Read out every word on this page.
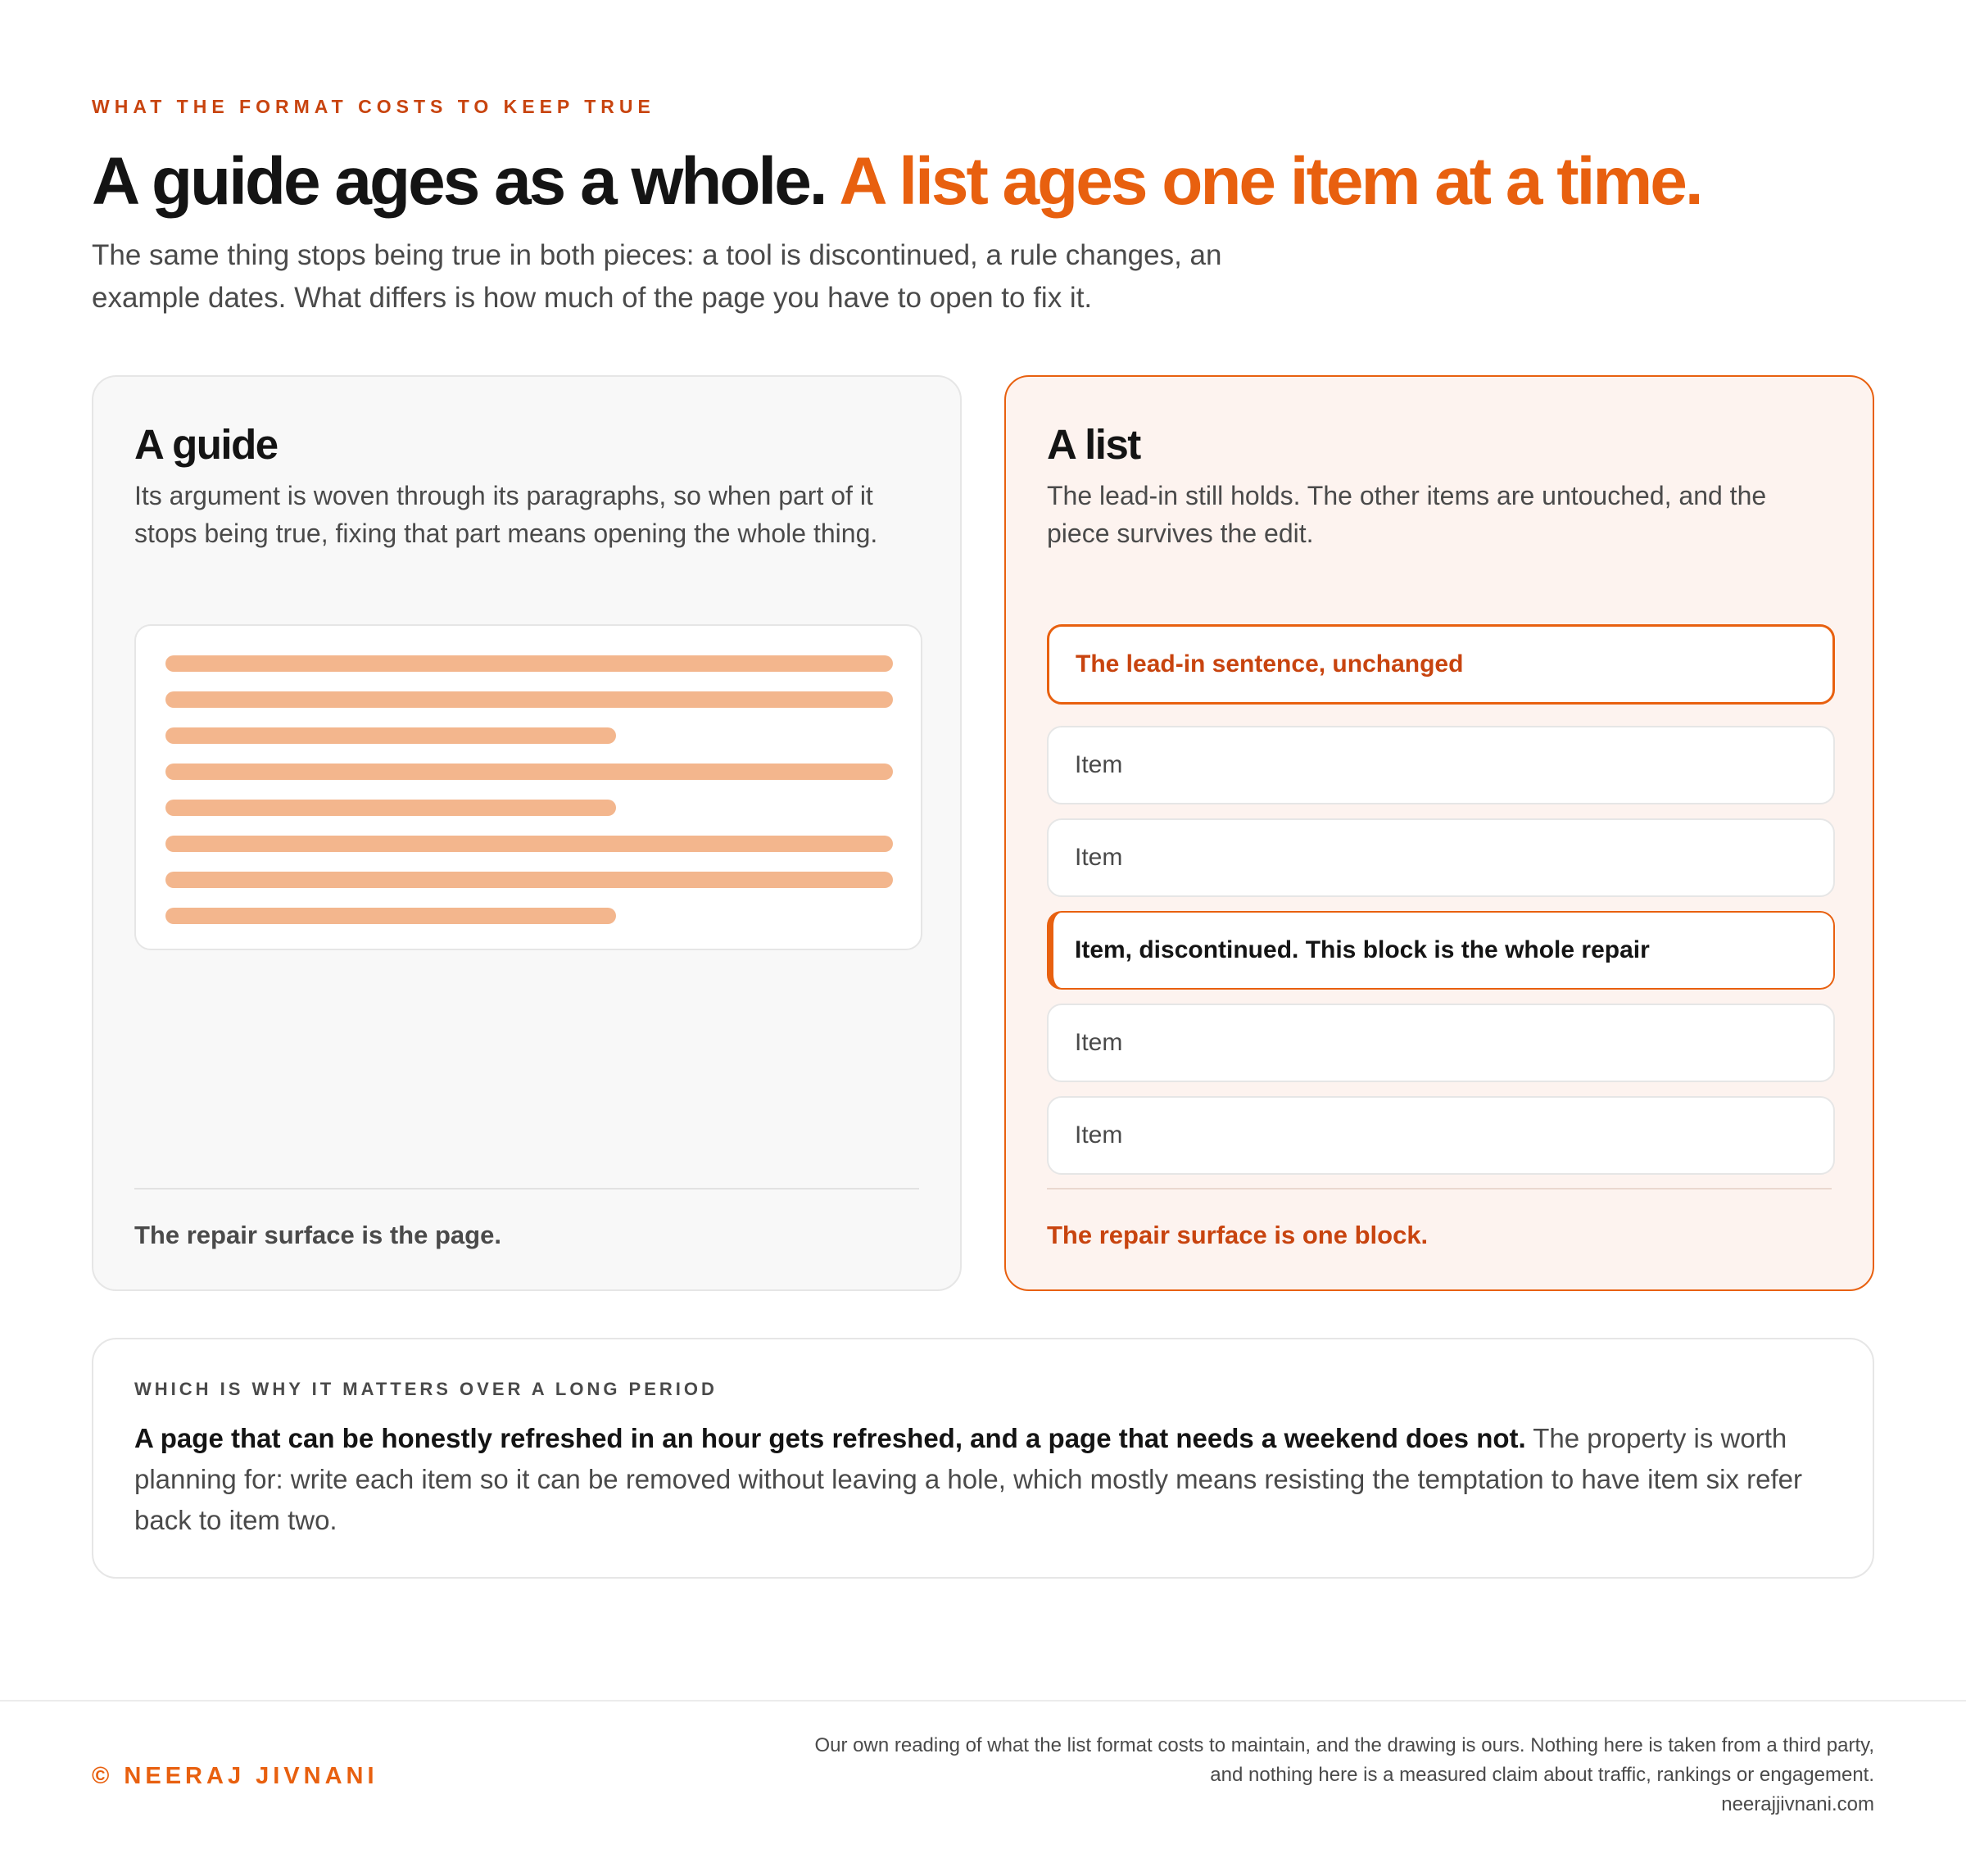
WHAT THE FORMAT COSTS TO KEEP TRUE
A guide ages as a whole. A list ages one item at a time.

The same thing stops being true in both pieces: a tool is discontinued, a rule changes, an example dates. What differs is how much of the page you have to open to fix it.

A guide

Its argument is woven through its paragraphs, so when part of it stops being true, fixing that part means opening the whole thing.

The repair surface is the page.
A list

The lead-in still holds. The other items are untouched, and the piece survives the edit.

The lead-in sentence, unchanged
Item
Item
Item, discontinued. This block is the whole repair
Item
Item
The repair surface is one block.
WHICH IS WHY IT MATTERS OVER A LONG PERIOD

A page that can be honestly refreshed in an hour gets refreshed, and a page that needs a weekend does not. The property is worth planning for: write each item so it can be removed without leaving a hole, which mostly means resisting the temptation to have item six refer back to item two.

© NEERAJ JIVNANI
Our own reading of what the list format costs to maintain, and the drawing is ours. Nothing here is taken from a third party,
and nothing here is a measured claim about traffic, rankings or engagement.
neerajjivnani.com
